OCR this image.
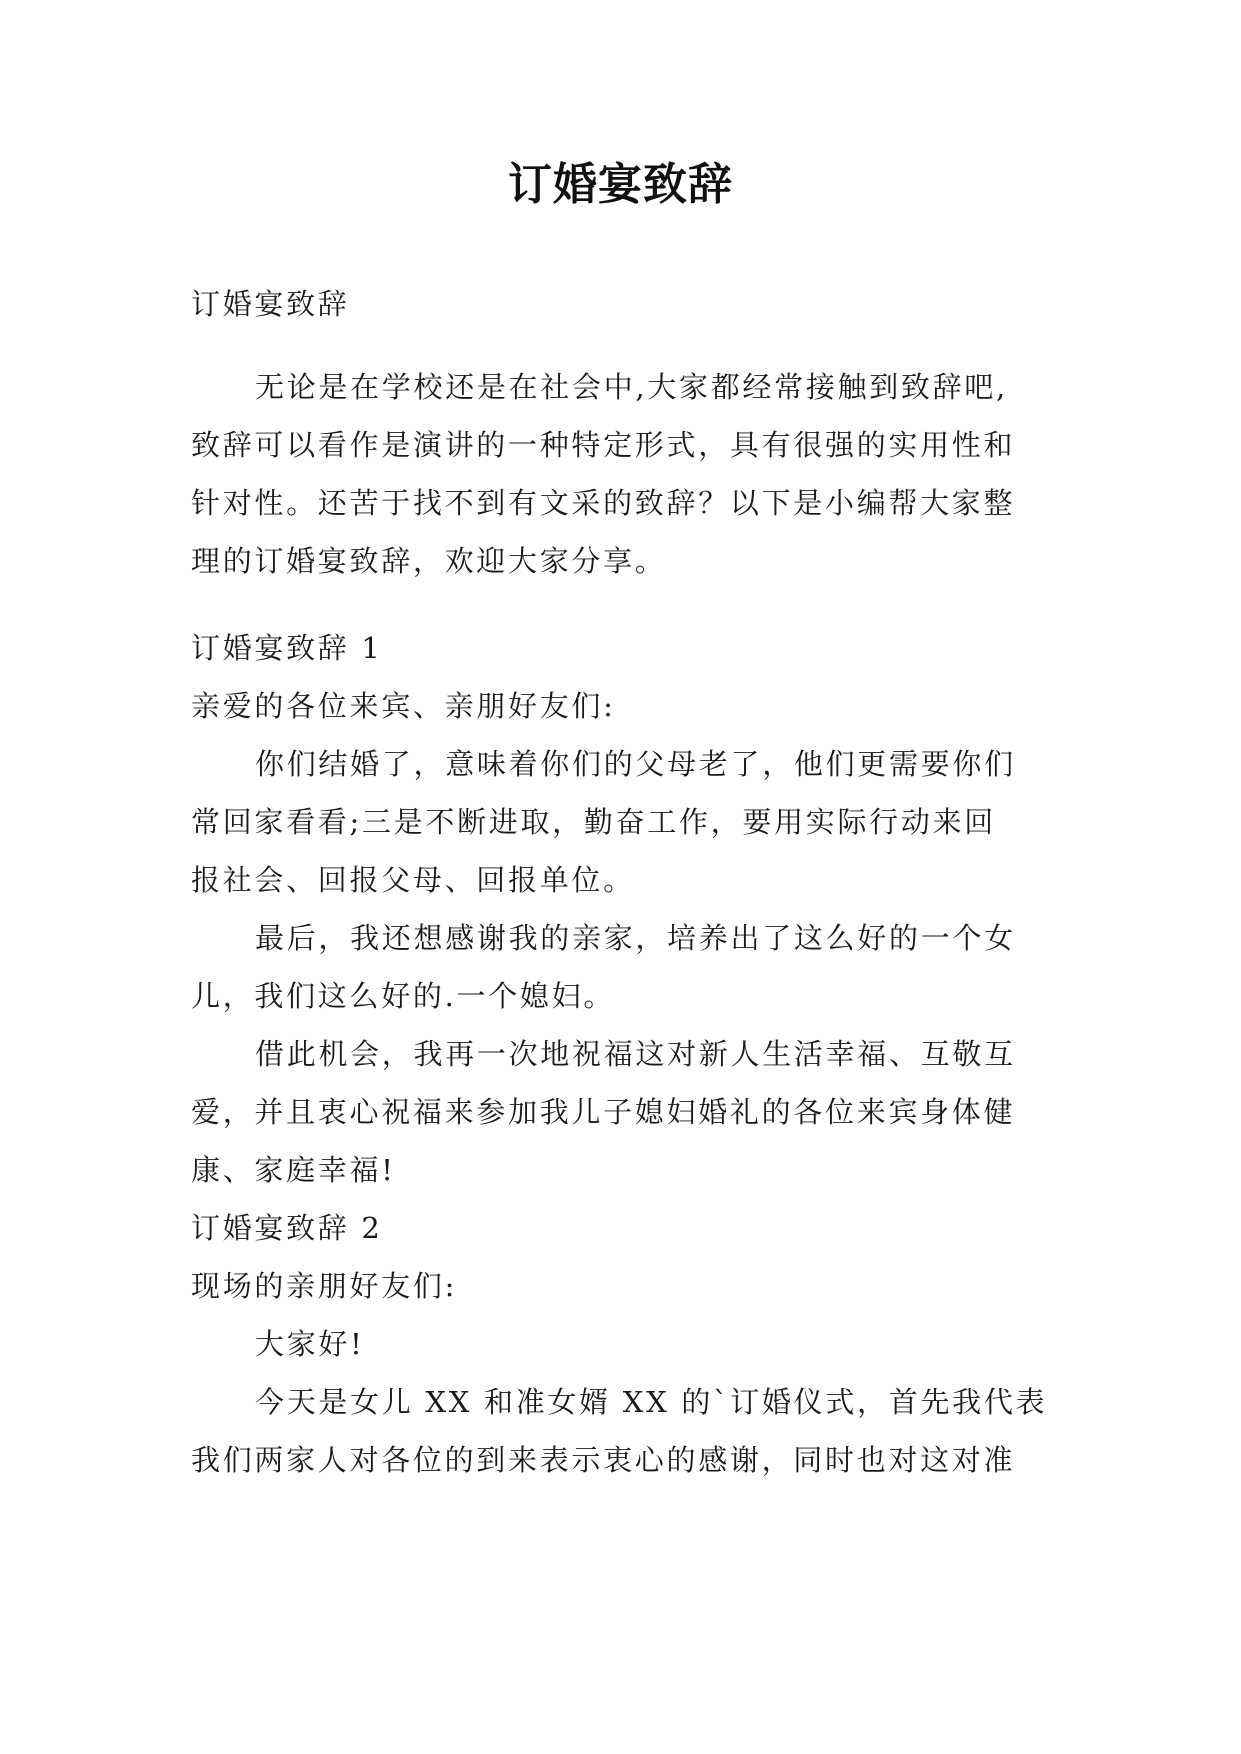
订婚宴致辞
订婚宴致辞
无论是在学校还是在社会中,大家都经常接触到致辞吧,
致辞可以看作是演讲的一种特定形式，具有很强的实用性和
针对性。还苦于找不到有文采的致辞？以下是小编帮大家整
理的订婚宴致辞，欢迎大家分享。
订婚宴致辞 1
亲爱的各位来宾、亲朋好友们:
你们结婚了，意味着你们的父母老了，他们更需要你们
常回家看看;三是不断进取，勤奋工作，要用实际行动来回
报社会、回报父母、回报单位。
最后，我还想感谢我的亲家，培养出了这么好的一个女
儿，我们这么好的.一个媳妇。
借此机会，我再一次地祝福这对新人生活幸福、互敬互
爱，并且衷心祝福来参加我儿子媳妇婚礼的各位来宾身体健
康、家庭幸福!
订婚宴致辞 2
现场的亲朋好友们:
大家好!
今天是女儿 XX 和准女婿 XX 的`订婚仪式，首先我代表
我们两家人对各位的到来表示衷心的感谢，同时也对这对准
